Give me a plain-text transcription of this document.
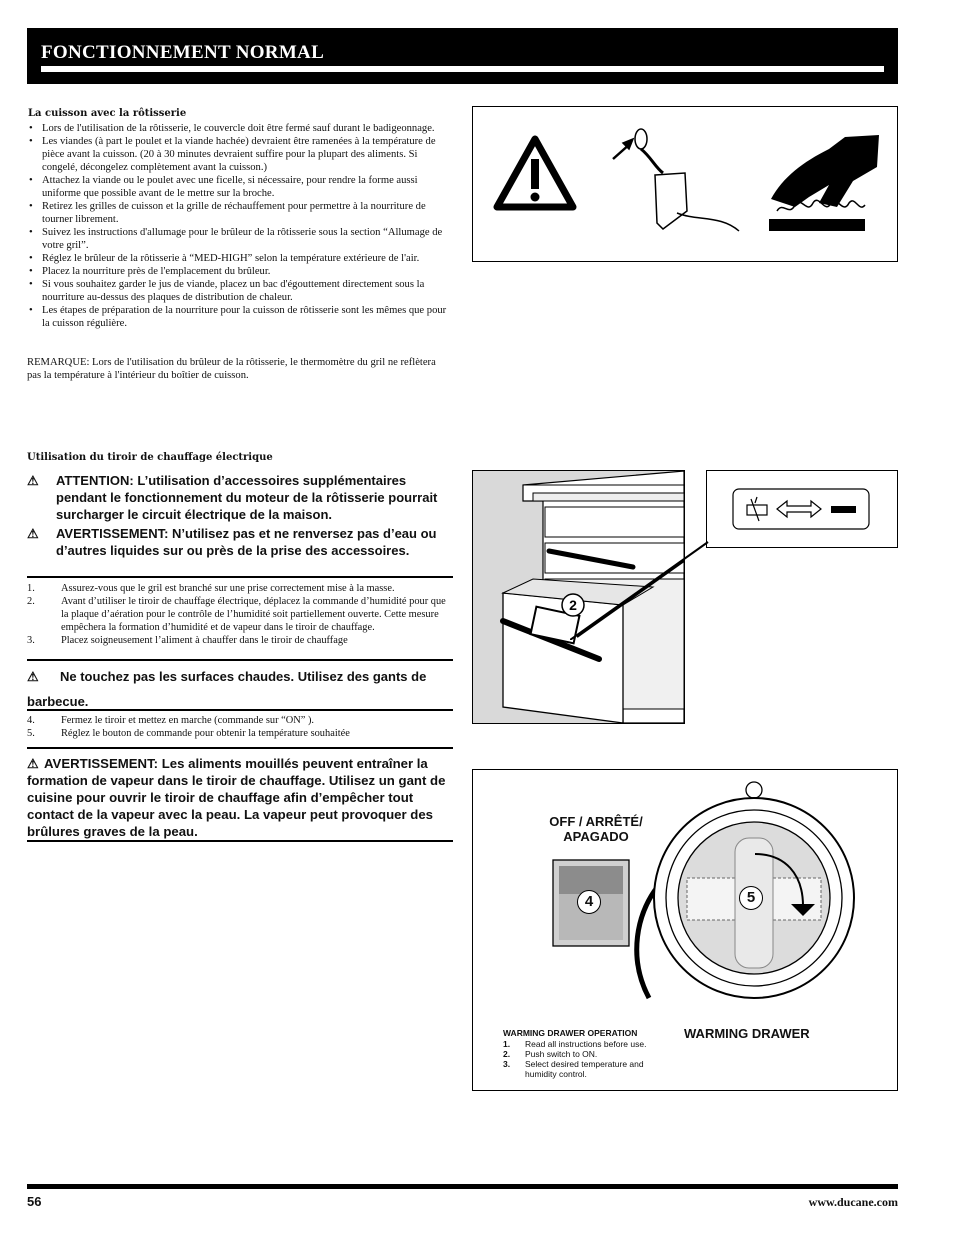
FONCTIONNEMENT NORMAL
La cuisson avec la rôtisserie
• Lors de l'utilisation de la rôtisserie, le couvercle doit être fermé sauf durant le badigeonnage.
• Les viandes (à part le poulet et la viande hachée) devraient être ramenées à la température de pièce avant la cuisson. (20 à 30 minutes devraient suffire pour la plupart des aliments. Si congelé, décongelez complètement avant la cuisson.)
• Attachez la viande ou le poulet avec une ficelle, si nécessaire, pour rendre la forme aussi uniforme que possible avant de le mettre sur la broche.
• Retirez les grilles de cuisson et la grille de réchauffement pour permettre à la nourriture de tourner librement.
• Suivez les instructions d'allumage pour le brûleur de la rôtisserie sous la section “Allumage de votre gril”.
• Réglez le brûleur de la rôtisserie à “MED-HIGH” selon la température extérieure de l'air.
• Placez la nourriture près de l'emplacement du brûleur.
• Si vous souhaitez garder le jus de viande, placez un bac d'égouttement directement sous la nourriture au-dessus des plaques de distribution de chaleur.
• Les étapes de préparation de la nourriture pour la cuisson de rôtisserie sont les mêmes que pour la cuisson régulière.
REMARQUE: Lors de l'utilisation du brûleur de la rôtisserie, le thermomètre du gril ne reflètera pas la température à l'intérieur du boîtier de cuisson.
Utilisation du tiroir de chauffage électrique
⚠ ATTENTION: L’utilisation d’accessoires supplémentaires pendant le fonctionnement du moteur de la rôtisserie pourrait surcharger le circuit électrique de la maison.
⚠ AVERTISSEMENT: N’utilisez pas et ne renversez pas d’eau ou d’autres liquides sur ou près de la prise des accessoires.
1.	Assurez-vous que le gril est branché sur une prise correctement mise à la masse.
2.	Avant d’utiliser le tiroir de chauffage électrique, déplacez la commande d’humidité pour que la plaque d’aération pour le contrôle de l’humidité soit partiellement ouverte. Cette mesure empêchera la formation d’humidité et de vapeur dans le tiroir de chauffage.
3.	Placez soigneusement l’aliment à chauffer dans le tiroir de chauffage
⚠	Ne touchez pas les surfaces chaudes. Utilisez des gants de barbecue.
4.	Fermez le tiroir et mettez en marche (commande sur “ON” ).
5.	Réglez le bouton de commande pour obtenir la température souhaitée
⚠ AVERTISSEMENT: Les aliments mouillés peuvent entraîner la formation de vapeur dans le tiroir de chauffage. Utilisez un gant de cuisine pour ouvrir le tiroir de chauffage afin d’empêcher tout contact de la vapeur avec la peau. La vapeur peut provoquer des brûlures graves de la peau.
2
OFF / ARRÊTÉ/
APAGADO
4	5
WARMING DRAWER OPERATION
1. Read all instructions before use.
2. Push switch to ON.
3. Select desired temperature and humidity control.
WARMING DRAWER
56	www.ducane.com
